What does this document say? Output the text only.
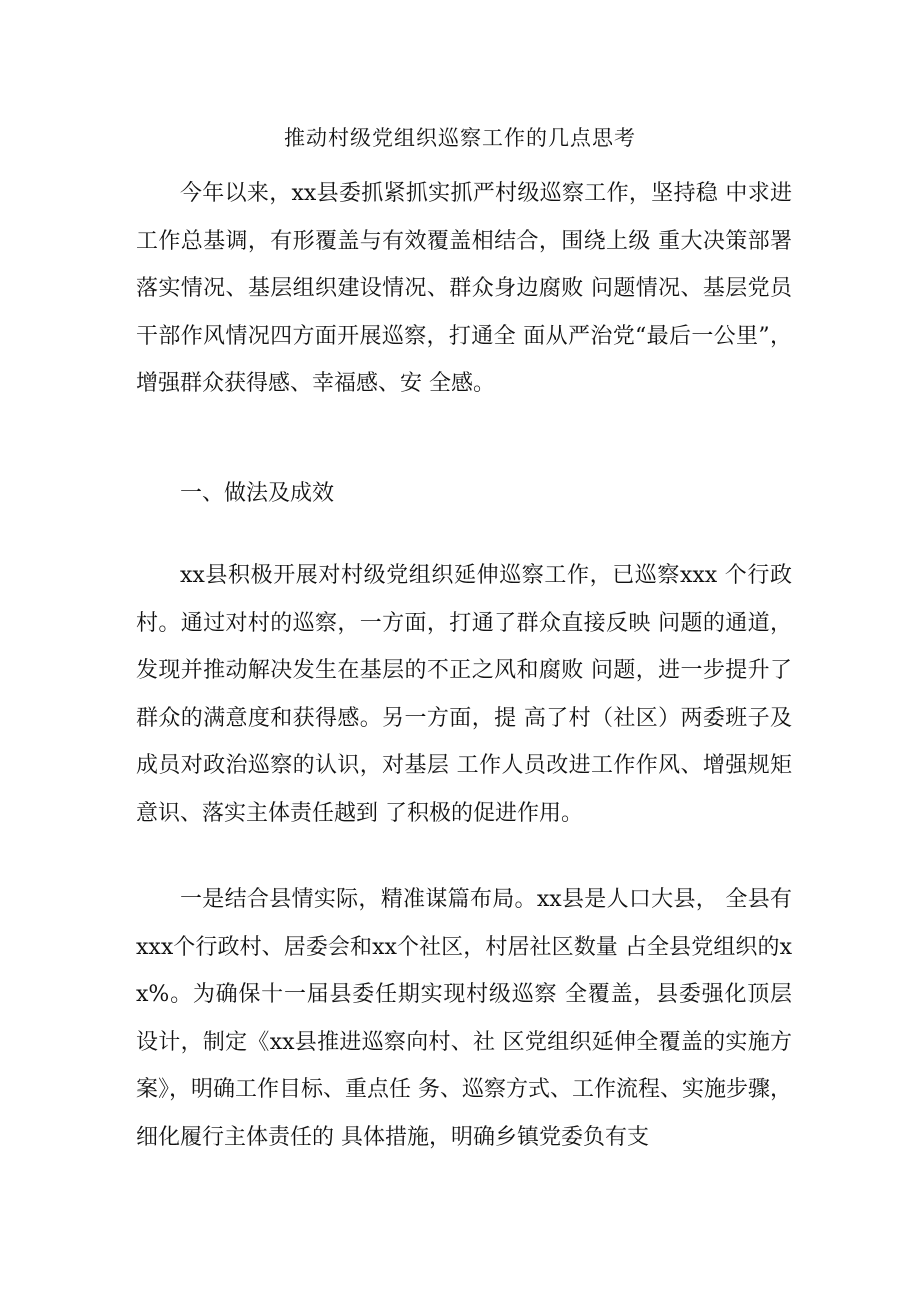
推动村级党组织巡察工作的几点思考

今年以来，xx县委抓紧抓实抓严村级巡察工作，坚持稳 中求进工作总基调，有形覆盖与有效覆盖相结合，围绕上级 重大决策部署落实情况、基层组织建设情况、群众身边腐败 问题情况、基层党员干部作风情况四方面开展巡察，打通全 面从严治党“最后一公里”，增强群众获得感、幸福感、安 全感。

一、做法及成效

xx县积极开展对村级党组织延伸巡察工作，已巡察xxx 个行政村。通过对村的巡察，一方面，打通了群众直接反映 问题的通道，发现并推动解决发生在基层的不正之风和腐败 问题，进一步提升了群众的满意度和获得感。另一方面，提 高了村（社区）两委班子及成员对政治巡察的认识，对基层 工作人员改进工作作风、增强规矩意识、落实主体责任越到 了积极的促进作用。

一是结合县情实际，精准谋篇布局。xx县是人口大县， 全县有xxx个行政村、居委会和xx个社区，村居社区数量 占全县党组织的xx%。为确保十一届县委任期实现村级巡察 全覆盖，县委强化顶层设计，制定《xx县推进巡察向村、社 区党组织延伸全覆盖的实施方案》，明确工作目标、重点任 务、巡察方式、工作流程、实施步骤，细化履行主体责任的 具体措施，明确乡镇党委负有支
